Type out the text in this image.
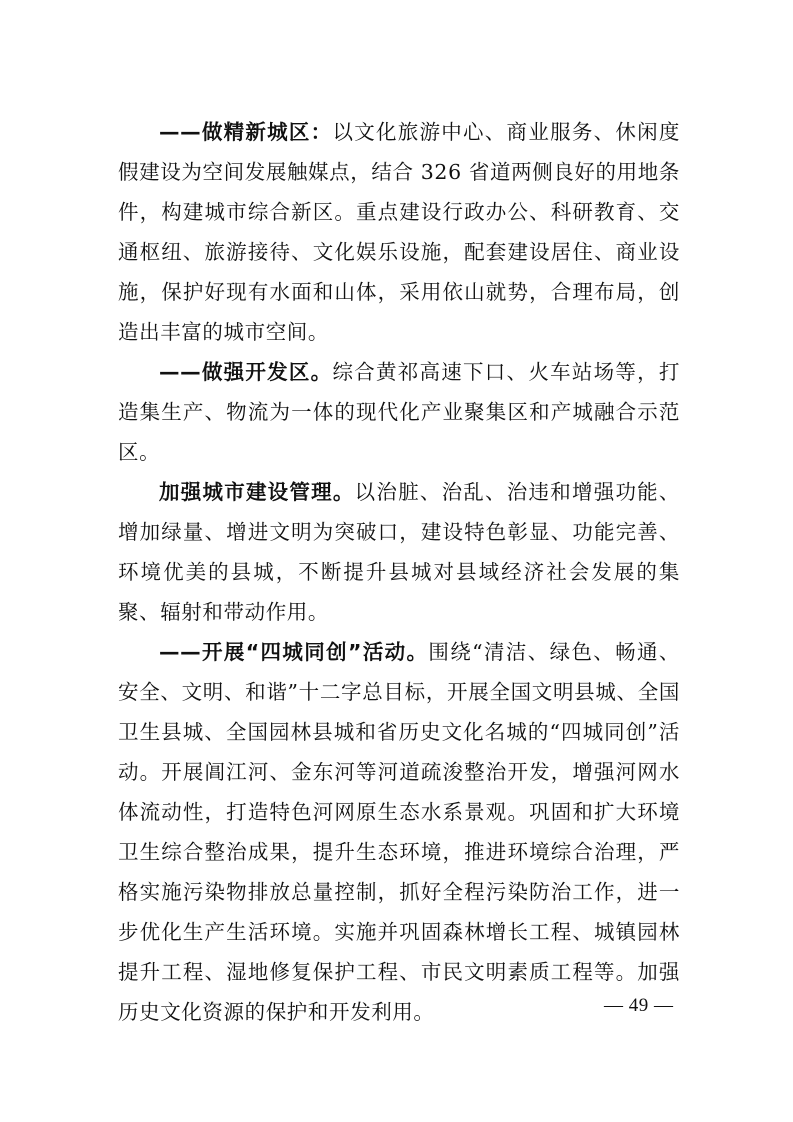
——做精新城区：以文化旅游中心、商业服务、休闲度假建设为空间发展触媒点，结合 326 省道两侧良好的用地条件，构建城市综合新区。重点建设行政办公、科研教育、交通枢纽、旅游接待、文化娱乐设施，配套建设居住、商业设施，保护好现有水面和山体，采用依山就势，合理布局，创造出丰富的城市空间。

——做强开发区。综合黄祁高速下口、火车站场等，打造集生产、物流为一体的现代化产业聚集区和产城融合示范区。

加强城市建设管理。以治脏、治乱、治违和增强功能、增加绿量、增进文明为突破口，建设特色彰显、功能完善、环境优美的县城，不断提升县城对县域经济社会发展的集聚、辐射和带动作用。

——开展“四城同创”活动。围绕“清洁、绿色、畅通、安全、文明、和谐”十二字总目标，开展全国文明县城、全国卫生县城、全国园林县城和省历史文化名城的“四城同创”活动。开展阊江河、金东河等河道疏浚整治开发，增强河网水体流动性，打造特色河网原生态水系景观。巩固和扩大环境卫生综合整治成果，提升生态环境，推进环境综合治理，严格实施污染物排放总量控制，抓好全程污染防治工作，进一步优化生产生活环境。实施并巩固森林增长工程、城镇园林提升工程、湿地修复保护工程、市民文明素质工程等。加强历史文化资源的保护和开发利用。	— 49 —
